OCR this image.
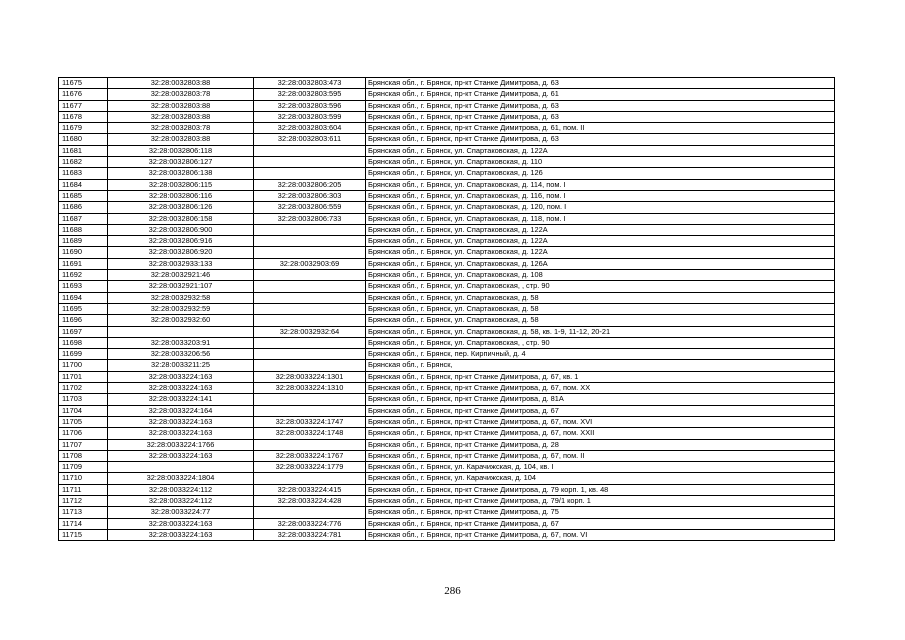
11675	32:28:0032803:88	32:28:0032803:473	Брянская обл., г. Брянск, пр-кт Станке Димитрова, д. 63
11676	32:28:0032803:78	32:28:0032803:595	Брянская обл., г. Брянск, пр-кт Станке Димитрова, д. 61
11677	32:28:0032803:88	32:28:0032803:596	Брянская обл., г. Брянск, пр-кт Станке Димитрова, д. 63
11678	32:28:0032803:88	32:28:0032803:599	Брянская обл., г. Брянск, пр-кт Станке Димитрова, д. 63
11679	32:28:0032803:78	32:28:0032803:604	Брянская обл., г. Брянск, пр-кт Станке Димитрова, д. 61, пом. II
11680	32:28:0032803:88	32:28:0032803:611	Брянская обл., г. Брянск, пр-кт Станке Димитрова, д. 63
11681	32:28:0032806:118		Брянская обл., г. Брянск, ул. Спартаковская, д. 122А
11682	32:28:0032806:127		Брянская обл., г. Брянск, ул. Спартаковская, д. 110
11683	32:28:0032806:138		Брянская обл., г. Брянск, ул. Спартаковская, д. 126
11684	32:28:0032806:115	32:28:0032806:205	Брянская обл., г. Брянск, ул. Спартаковская, д. 114, пом. I
11685	32:28:0032806:116	32:28:0032806:303	Брянская обл., г. Брянск, ул. Спартаковская, д. 116, пом. I
11686	32:28:0032806:126	32:28:0032806:559	Брянская обл., г. Брянск, ул. Спартаковская, д. 120, пом. I
11687	32:28:0032806:158	32:28:0032806:733	Брянская обл., г. Брянск, ул. Спартаковская, д. 118, пом. I
11688	32:28:0032806:900		Брянская обл., г. Брянск, ул. Спартаковская, д. 122А
11689	32:28:0032806:916		Брянская обл., г. Брянск, ул. Спартаковская, д. 122А
11690	32:28:0032806:920		Брянская обл., г. Брянск, ул. Спартаковская, д. 122А
11691	32:28:0032933:133	32:28:0032903:69	Брянская обл., г. Брянск, ул. Спартаковская, д. 126А
11692	32:28:0032921:46		Брянская обл., г. Брянск, ул. Спартаковская, д. 108
11693	32:28:0032921:107		Брянская обл., г. Брянск, ул. Спартаковская, , стр. 90
11694	32:28:0032932:58		Брянская обл., г. Брянск, ул. Спартаковская, д. 58
11695	32:28:0032932:59		Брянская обл., г. Брянск, ул. Спартаковская, д. 58
11696	32:28:0032932:60		Брянская обл., г. Брянск, ул. Спартаковская, д. 58
11697		32:28:0032932:64	Брянская обл., г. Брянск, ул. Спартаковская, д. 58, кв. 1-9, 11-12, 20-21
11698	32:28:0033203:91		Брянская обл., г. Брянск, ул. Спартаковская, , стр. 90
11699	32:28:0033206:56		Брянская обл., г. Брянск, пер. Кирпичный, д. 4
11700	32:28:0033211:25		Брянская обл., г. Брянск,
11701	32:28:0033224:163	32:28:0033224:1301	Брянская обл., г. Брянск, пр-кт Станке Димитрова, д. 67, кв. 1
11702	32:28:0033224:163	32:28:0033224:1310	Брянская обл., г. Брянск, пр-кт Станке Димитрова, д. 67, пом. XX
11703	32:28:0033224:141		Брянская обл., г. Брянск, пр-кт Станке Димитрова, д. 81А
11704	32:28:0033224:164		Брянская обл., г. Брянск, пр-кт Станке Димитрова, д. 67
11705	32:28:0033224:163	32:28:0033224:1747	Брянская обл., г. Брянск, пр-кт Станке Димитрова, д. 67, пом. XVI
11706	32:28:0033224:163	32:28:0033224:1748	Брянская обл., г. Брянск, пр-кт Станке Димитрова, д. 67, пом. XXII
11707	32:28:0033224:1766		Брянская обл., г. Брянск, пр-кт Станке Димитрова, д. 28
11708	32:28:0033224:163	32:28:0033224:1767	Брянская обл., г. Брянск, пр-кт Станке Димитрова, д. 67, пом. II
11709		32:28:0033224:1779	Брянская обл., г. Брянск, ул. Карачижская, д. 104, кв. I
11710	32:28:0033224:1804		Брянская обл., г. Брянск, ул. Карачижская, д. 104
11711	32:28:0033224:112	32:28:0033224:415	Брянская обл., г. Брянск, пр-кт Станке Димитрова, д. 79 корп. 1, кв. 48
11712	32:28:0033224:112	32:28:0033224:428	Брянская обл., г. Брянск, пр-кт Станке Димитрова, д. 79/1 корп. 1
11713	32:28:0033224:77		Брянская обл., г. Брянск, пр-кт Станке Димитрова, д. 75
11714	32:28:0033224:163	32:28:0033224:776	Брянская обл., г. Брянск, пр-кт Станке Димитрова, д. 67
11715	32:28:0033224:163	32:28:0033224:781	Брянская обл., г. Брянск, пр-кт Станке Димитрова, д. 67, пом. VI
286
